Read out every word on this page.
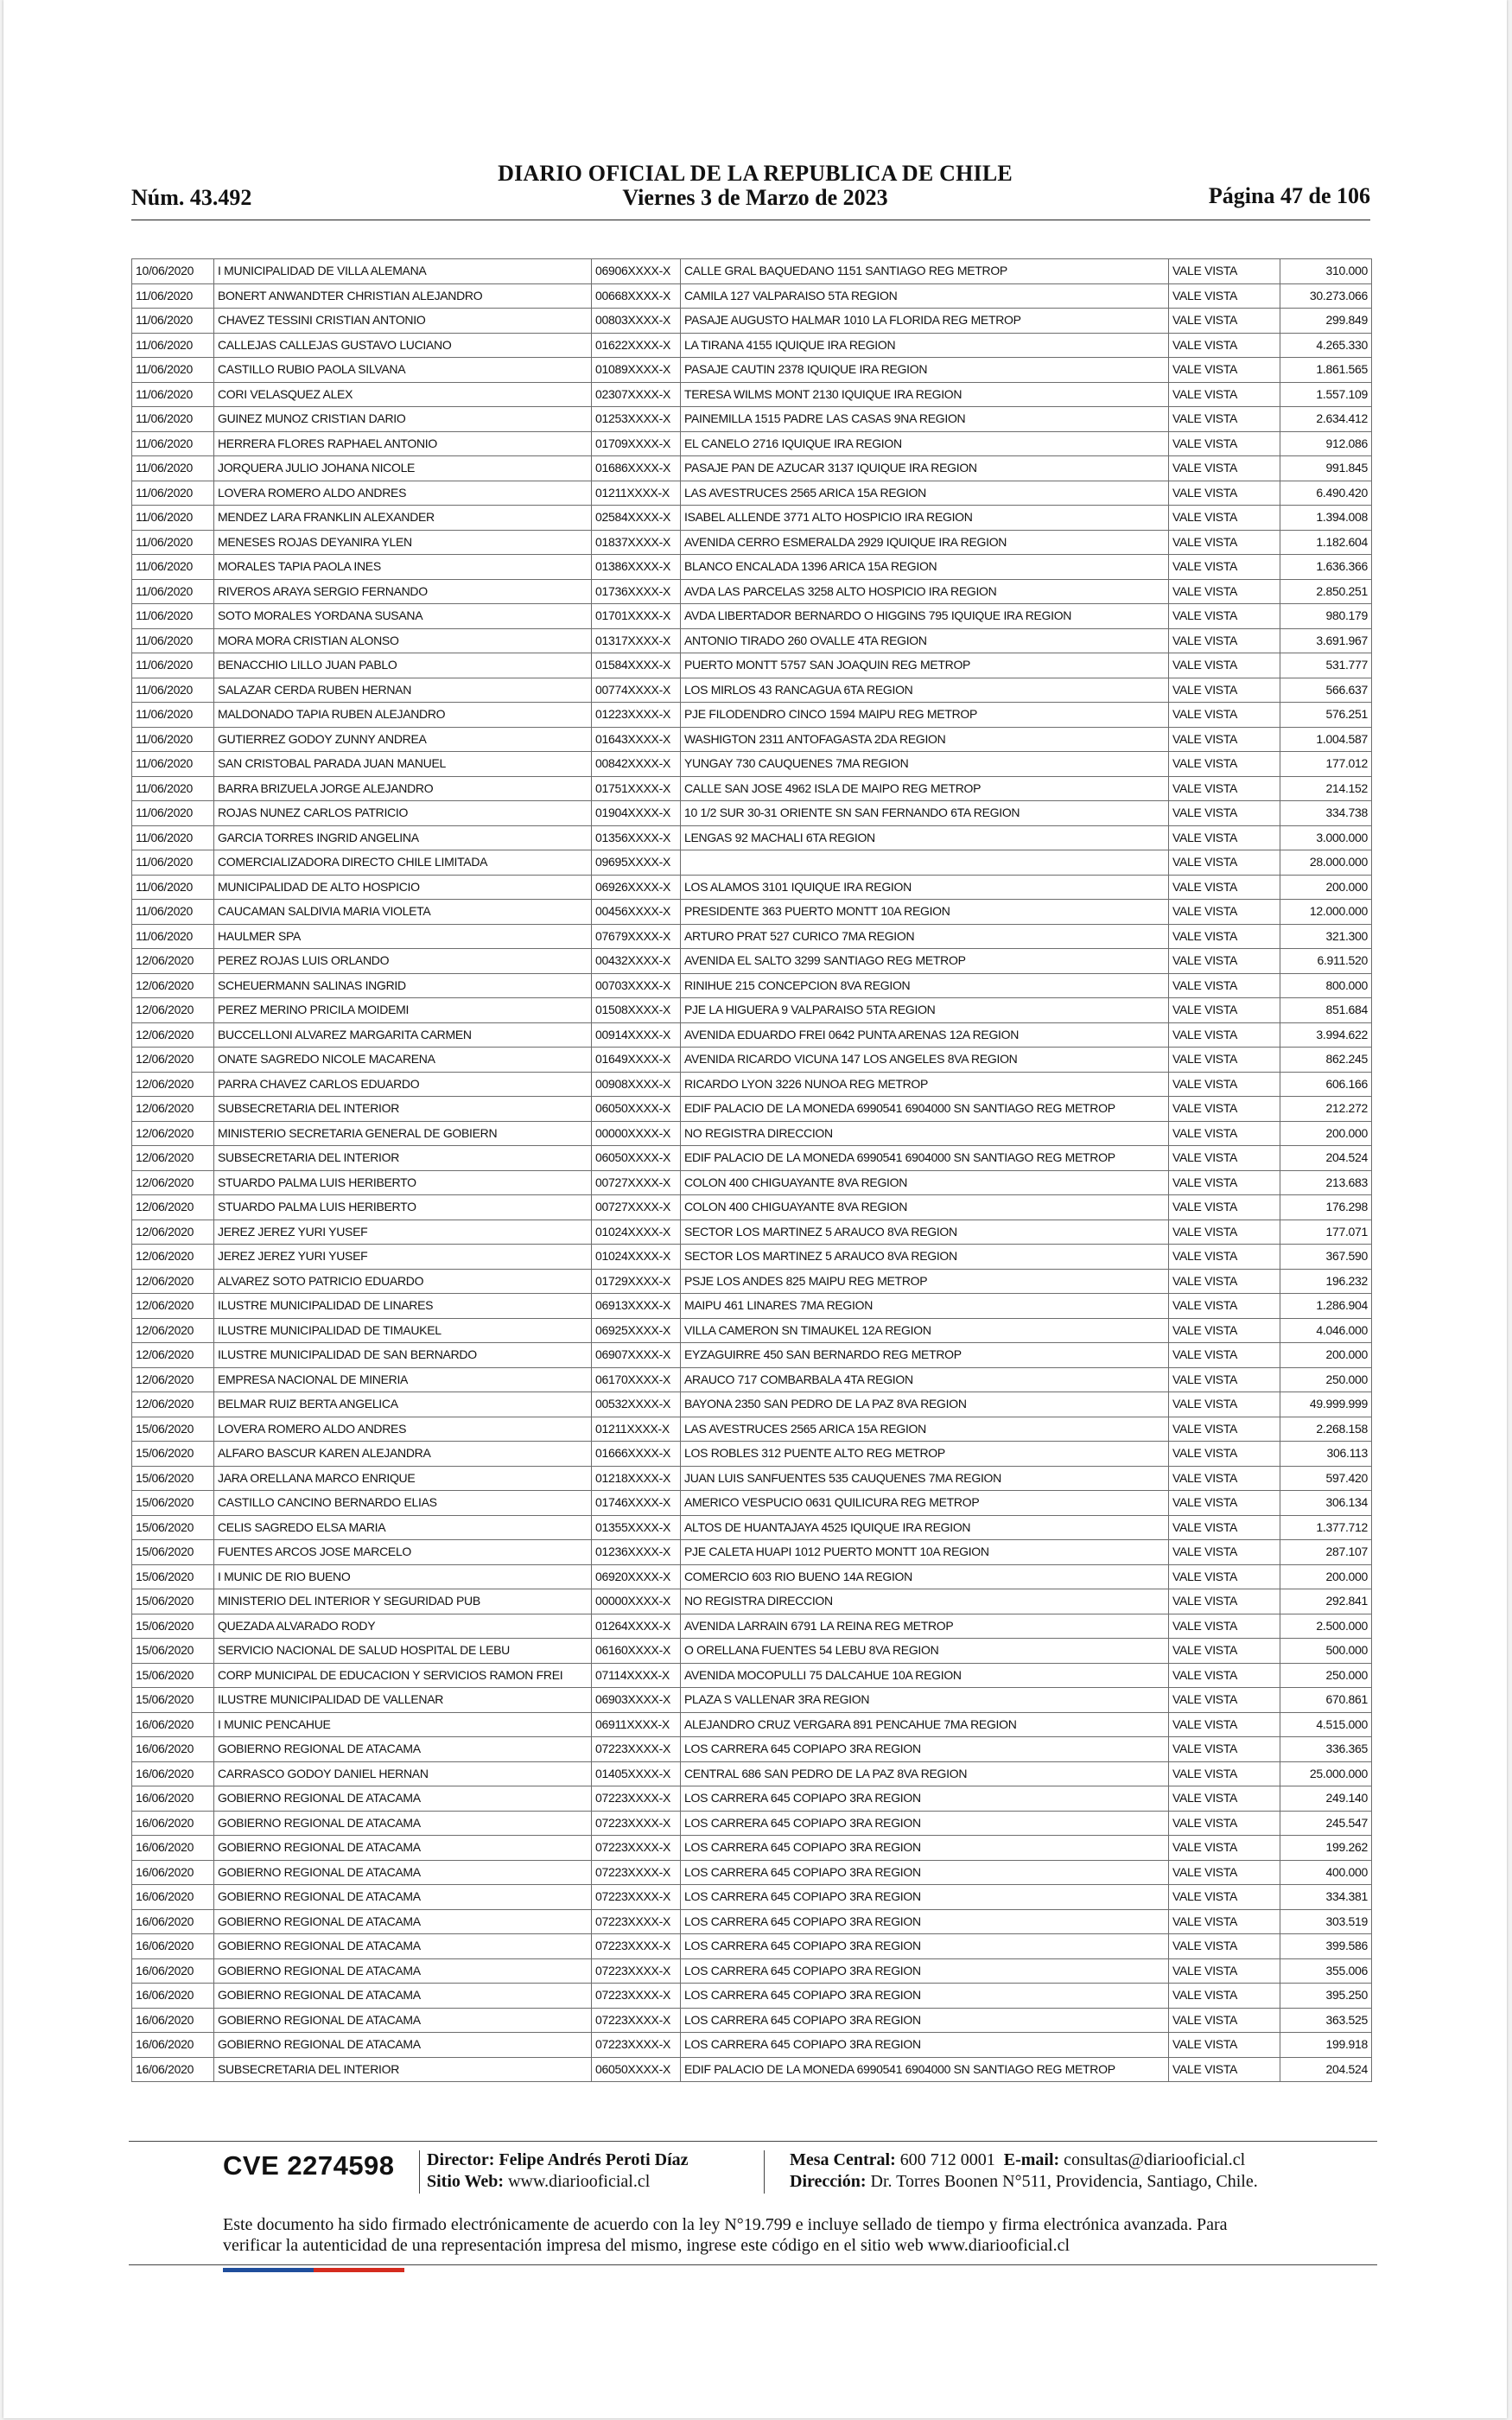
DIARIO OFICIAL DE LA REPUBLICA DE CHILE
Núm. 43.492	Viernes 3 de Marzo de 2023	Página 47 de 106
10/06/2020	I MUNICIPALIDAD DE VILLA ALEMANA	06906XXXX-X	CALLE GRAL BAQUEDANO 1151 SANTIAGO REG METROP	VALE VISTA	310.000
11/06/2020	BONERT ANWANDTER CHRISTIAN ALEJANDRO	00668XXXX-X	CAMILA 127 VALPARAISO 5TA REGION	VALE VISTA	30.273.066
11/06/2020	CHAVEZ TESSINI CRISTIAN ANTONIO	00803XXXX-X	PASAJE AUGUSTO HALMAR 1010 LA FLORIDA REG METROP	VALE VISTA	299.849
11/06/2020	CALLEJAS CALLEJAS GUSTAVO LUCIANO	01622XXXX-X	LA TIRANA 4155 IQUIQUE IRA REGION	VALE VISTA	4.265.330
11/06/2020	CASTILLO RUBIO PAOLA SILVANA	01089XXXX-X	PASAJE CAUTIN 2378 IQUIQUE IRA REGION	VALE VISTA	1.861.565
11/06/2020	CORI VELASQUEZ ALEX	02307XXXX-X	TERESA WILMS MONT 2130 IQUIQUE IRA REGION	VALE VISTA	1.557.109
11/06/2020	GUINEZ MUNOZ CRISTIAN DARIO	01253XXXX-X	PAINEMILLA 1515 PADRE LAS CASAS 9NA REGION	VALE VISTA	2.634.412
11/06/2020	HERRERA FLORES RAPHAEL ANTONIO	01709XXXX-X	EL CANELO 2716 IQUIQUE IRA REGION	VALE VISTA	912.086
11/06/2020	JORQUERA JULIO JOHANA NICOLE	01686XXXX-X	PASAJE PAN DE AZUCAR 3137 IQUIQUE IRA REGION	VALE VISTA	991.845
11/06/2020	LOVERA ROMERO ALDO ANDRES	01211XXXX-X	LAS AVESTRUCES 2565 ARICA 15A REGION	VALE VISTA	6.490.420
11/06/2020	MENDEZ LARA FRANKLIN ALEXANDER	02584XXXX-X	ISABEL ALLENDE 3771 ALTO HOSPICIO IRA REGION	VALE VISTA	1.394.008
11/06/2020	MENESES ROJAS DEYANIRA YLEN	01837XXXX-X	AVENIDA CERRO ESMERALDA 2929 IQUIQUE IRA REGION	VALE VISTA	1.182.604
11/06/2020	MORALES TAPIA PAOLA INES	01386XXXX-X	BLANCO ENCALADA 1396 ARICA 15A REGION	VALE VISTA	1.636.366
11/06/2020	RIVEROS ARAYA SERGIO FERNANDO	01736XXXX-X	AVDA LAS PARCELAS 3258 ALTO HOSPICIO IRA REGION	VALE VISTA	2.850.251
11/06/2020	SOTO MORALES YORDANA SUSANA	01701XXXX-X	AVDA LIBERTADOR BERNARDO O HIGGINS 795 IQUIQUE IRA REGION	VALE VISTA	980.179
11/06/2020	MORA MORA CRISTIAN ALONSO	01317XXXX-X	ANTONIO TIRADO 260 OVALLE 4TA REGION	VALE VISTA	3.691.967
11/06/2020	BENACCHIO LILLO JUAN PABLO	01584XXXX-X	PUERTO MONTT 5757 SAN JOAQUIN REG METROP	VALE VISTA	531.777
11/06/2020	SALAZAR CERDA RUBEN HERNAN	00774XXXX-X	LOS MIRLOS 43 RANCAGUA 6TA REGION	VALE VISTA	566.637
11/06/2020	MALDONADO TAPIA RUBEN ALEJANDRO	01223XXXX-X	PJE FILODENDRO CINCO 1594 MAIPU REG METROP	VALE VISTA	576.251
11/06/2020	GUTIERREZ GODOY ZUNNY ANDREA	01643XXXX-X	WASHIGTON 2311 ANTOFAGASTA 2DA REGION	VALE VISTA	1.004.587
11/06/2020	SAN CRISTOBAL PARADA JUAN MANUEL	00842XXXX-X	YUNGAY 730 CAUQUENES 7MA REGION	VALE VISTA	177.012
11/06/2020	BARRA BRIZUELA JORGE ALEJANDRO	01751XXXX-X	CALLE SAN JOSE 4962 ISLA DE MAIPO REG METROP	VALE VISTA	214.152
11/06/2020	ROJAS NUNEZ CARLOS PATRICIO	01904XXXX-X	10 1/2 SUR 30-31 ORIENTE SN SAN FERNANDO 6TA REGION	VALE VISTA	334.738
11/06/2020	GARCIA TORRES INGRID ANGELINA	01356XXXX-X	LENGAS 92 MACHALI 6TA REGION	VALE VISTA	3.000.000
11/06/2020	COMERCIALIZADORA DIRECTO CHILE LIMITADA	09695XXXX-X		VALE VISTA	28.000.000
11/06/2020	MUNICIPALIDAD DE ALTO HOSPICIO	06926XXXX-X	LOS ALAMOS 3101 IQUIQUE IRA REGION	VALE VISTA	200.000
11/06/2020	CAUCAMAN SALDIVIA MARIA VIOLETA	00456XXXX-X	PRESIDENTE 363 PUERTO MONTT 10A REGION	VALE VISTA	12.000.000
11/06/2020	HAULMER SPA	07679XXXX-X	ARTURO PRAT 527 CURICO 7MA REGION	VALE VISTA	321.300
12/06/2020	PEREZ ROJAS LUIS ORLANDO	00432XXXX-X	AVENIDA EL SALTO 3299 SANTIAGO REG METROP	VALE VISTA	6.911.520
12/06/2020	SCHEUERMANN SALINAS INGRID	00703XXXX-X	RINIHUE 215 CONCEPCION 8VA REGION	VALE VISTA	800.000
12/06/2020	PEREZ MERINO PRICILA MOIDEMI	01508XXXX-X	PJE LA HIGUERA 9 VALPARAISO 5TA REGION	VALE VISTA	851.684
12/06/2020	BUCCELLONI ALVAREZ MARGARITA CARMEN	00914XXXX-X	AVENIDA EDUARDO FREI 0642 PUNTA ARENAS 12A REGION	VALE VISTA	3.994.622
12/06/2020	ONATE SAGREDO NICOLE MACARENA	01649XXXX-X	AVENIDA RICARDO VICUNA 147 LOS ANGELES 8VA REGION	VALE VISTA	862.245
12/06/2020	PARRA CHAVEZ CARLOS EDUARDO	00908XXXX-X	RICARDO LYON 3226 NUNOA REG METROP	VALE VISTA	606.166
12/06/2020	SUBSECRETARIA DEL INTERIOR	06050XXXX-X	EDIF PALACIO DE LA MONEDA 6990541 6904000 SN SANTIAGO REG METROP	VALE VISTA	212.272
12/06/2020	MINISTERIO SECRETARIA GENERAL DE GOBIERN	00000XXXX-X	NO REGISTRA DIRECCION	VALE VISTA	200.000
12/06/2020	SUBSECRETARIA DEL INTERIOR	06050XXXX-X	EDIF PALACIO DE LA MONEDA 6990541 6904000 SN SANTIAGO REG METROP	VALE VISTA	204.524
12/06/2020	STUARDO PALMA LUIS HERIBERTO	00727XXXX-X	COLON 400 CHIGUAYANTE 8VA REGION	VALE VISTA	213.683
12/06/2020	STUARDO PALMA LUIS HERIBERTO	00727XXXX-X	COLON 400 CHIGUAYANTE 8VA REGION	VALE VISTA	176.298
12/06/2020	JEREZ JEREZ YURI YUSEF	01024XXXX-X	SECTOR LOS MARTINEZ 5 ARAUCO 8VA REGION	VALE VISTA	177.071
12/06/2020	JEREZ JEREZ YURI YUSEF	01024XXXX-X	SECTOR LOS MARTINEZ 5 ARAUCO 8VA REGION	VALE VISTA	367.590
12/06/2020	ALVAREZ SOTO PATRICIO EDUARDO	01729XXXX-X	PSJE LOS ANDES 825 MAIPU REG METROP	VALE VISTA	196.232
12/06/2020	ILUSTRE MUNICIPALIDAD DE LINARES	06913XXXX-X	MAIPU 461 LINARES 7MA REGION	VALE VISTA	1.286.904
12/06/2020	ILUSTRE MUNICIPALIDAD DE TIMAUKEL	06925XXXX-X	VILLA CAMERON SN TIMAUKEL 12A REGION	VALE VISTA	4.046.000
12/06/2020	ILUSTRE MUNICIPALIDAD DE SAN BERNARDO	06907XXXX-X	EYZAGUIRRE 450 SAN BERNARDO REG METROP	VALE VISTA	200.000
12/06/2020	EMPRESA NACIONAL DE MINERIA	06170XXXX-X	ARAUCO 717 COMBARBALA 4TA REGION	VALE VISTA	250.000
12/06/2020	BELMAR RUIZ BERTA ANGELICA	00532XXXX-X	BAYONA 2350 SAN PEDRO DE LA PAZ 8VA REGION	VALE VISTA	49.999.999
15/06/2020	LOVERA ROMERO ALDO ANDRES	01211XXXX-X	LAS AVESTRUCES 2565 ARICA 15A REGION	VALE VISTA	2.268.158
15/06/2020	ALFARO BASCUR KAREN ALEJANDRA	01666XXXX-X	LOS ROBLES 312 PUENTE ALTO REG METROP	VALE VISTA	306.113
15/06/2020	JARA ORELLANA MARCO ENRIQUE	01218XXXX-X	JUAN LUIS SANFUENTES 535 CAUQUENES 7MA REGION	VALE VISTA	597.420
15/06/2020	CASTILLO CANCINO BERNARDO ELIAS	01746XXXX-X	AMERICO VESPUCIO 0631 QUILICURA REG METROP	VALE VISTA	306.134
15/06/2020	CELIS SAGREDO ELSA MARIA	01355XXXX-X	ALTOS DE HUANTAJAYA 4525 IQUIQUE IRA REGION	VALE VISTA	1.377.712
15/06/2020	FUENTES ARCOS JOSE MARCELO	01236XXXX-X	PJE CALETA HUAPI 1012 PUERTO MONTT 10A REGION	VALE VISTA	287.107
15/06/2020	I MUNIC DE RIO BUENO	06920XXXX-X	COMERCIO 603 RIO BUENO 14A REGION	VALE VISTA	200.000
15/06/2020	MINISTERIO DEL INTERIOR Y SEGURIDAD PUB	00000XXXX-X	NO REGISTRA DIRECCION	VALE VISTA	292.841
15/06/2020	QUEZADA ALVARADO RODY	01264XXXX-X	AVENIDA LARRAIN 6791 LA REINA REG METROP	VALE VISTA	2.500.000
15/06/2020	SERVICIO NACIONAL DE SALUD HOSPITAL DE LEBU	06160XXXX-X	O ORELLANA FUENTES 54 LEBU 8VA REGION	VALE VISTA	500.000
15/06/2020	CORP MUNICIPAL DE EDUCACION Y SERVICIOS RAMON FREI	07114XXXX-X	AVENIDA MOCOPULLI 75 DALCAHUE 10A REGION	VALE VISTA	250.000
15/06/2020	ILUSTRE MUNICIPALIDAD DE VALLENAR	06903XXXX-X	PLAZA S VALLENAR 3RA REGION	VALE VISTA	670.861
16/06/2020	I MUNIC PENCAHUE	06911XXXX-X	ALEJANDRO CRUZ VERGARA 891 PENCAHUE 7MA REGION	VALE VISTA	4.515.000
16/06/2020	GOBIERNO REGIONAL DE ATACAMA	07223XXXX-X	LOS CARRERA 645 COPIAPO 3RA REGION	VALE VISTA	336.365
16/06/2020	CARRASCO GODOY DANIEL HERNAN	01405XXXX-X	CENTRAL 686 SAN PEDRO DE LA PAZ 8VA REGION	VALE VISTA	25.000.000
16/06/2020	GOBIERNO REGIONAL DE ATACAMA	07223XXXX-X	LOS CARRERA 645 COPIAPO 3RA REGION	VALE VISTA	249.140
16/06/2020	GOBIERNO REGIONAL DE ATACAMA	07223XXXX-X	LOS CARRERA 645 COPIAPO 3RA REGION	VALE VISTA	245.547
16/06/2020	GOBIERNO REGIONAL DE ATACAMA	07223XXXX-X	LOS CARRERA 645 COPIAPO 3RA REGION	VALE VISTA	199.262
16/06/2020	GOBIERNO REGIONAL DE ATACAMA	07223XXXX-X	LOS CARRERA 645 COPIAPO 3RA REGION	VALE VISTA	400.000
16/06/2020	GOBIERNO REGIONAL DE ATACAMA	07223XXXX-X	LOS CARRERA 645 COPIAPO 3RA REGION	VALE VISTA	334.381
16/06/2020	GOBIERNO REGIONAL DE ATACAMA	07223XXXX-X	LOS CARRERA 645 COPIAPO 3RA REGION	VALE VISTA	303.519
16/06/2020	GOBIERNO REGIONAL DE ATACAMA	07223XXXX-X	LOS CARRERA 645 COPIAPO 3RA REGION	VALE VISTA	399.586
16/06/2020	GOBIERNO REGIONAL DE ATACAMA	07223XXXX-X	LOS CARRERA 645 COPIAPO 3RA REGION	VALE VISTA	355.006
16/06/2020	GOBIERNO REGIONAL DE ATACAMA	07223XXXX-X	LOS CARRERA 645 COPIAPO 3RA REGION	VALE VISTA	395.250
16/06/2020	GOBIERNO REGIONAL DE ATACAMA	07223XXXX-X	LOS CARRERA 645 COPIAPO 3RA REGION	VALE VISTA	363.525
16/06/2020	GOBIERNO REGIONAL DE ATACAMA	07223XXXX-X	LOS CARRERA 645 COPIAPO 3RA REGION	VALE VISTA	199.918
16/06/2020	SUBSECRETARIA DEL INTERIOR	06050XXXX-X	EDIF PALACIO DE LA MONEDA 6990541 6904000 SN SANTIAGO REG METROP	VALE VISTA	204.524
CVE 2274598 Director: Felipe Andrés Peroti Díaz
Sitio Web: www.diariooficial.cl
Mesa Central: 600 712 0001 E-mail: consultas@diariooficial.cl
Dirección: Dr. Torres Boonen N°511, Providencia, Santiago, Chile.
Este documento ha sido firmado electrónicamente de acuerdo con la ley N°19.799 e incluye sellado de tiempo y firma electrónica avanzada. Para verificar la autenticidad de una representación impresa del mismo, ingrese este código en el sitio web www.diariooficial.cl
